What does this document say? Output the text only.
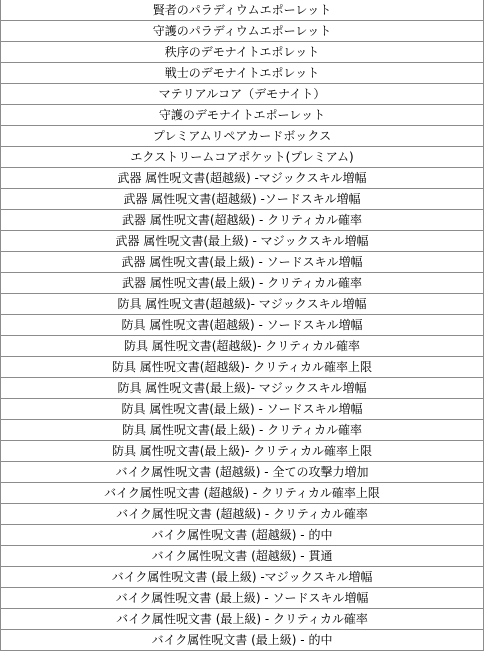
賢者のパラディウムエポーレット
守護のパラディウムエポーレット
秩序のデモナイトエポレット
戦士のデモナイトエポレット
マテリアルコア（デモナイト）
守護のデモナイトエポーレット
プレミアムリペアカードボックス
エクストリームコアポケット(プレミアム)
武器 属性呪文書(超越級) -マジックスキル増幅
武器 属性呪文書(超越級) -ソードスキル増幅
武器 属性呪文書(超越級) - クリティカル確率
武器 属性呪文書(最上級) - マジックスキル増幅
武器 属性呪文書(最上級) - ソードスキル増幅
武器 属性呪文書(最上級) - クリティカル確率
防具 属性呪文書(超越級)- マジックスキル増幅
防具 属性呪文書(超越級) - ソードスキル増幅
防具 属性呪文書(超越級)- クリティカル確率
防具 属性呪文書(超越級)- クリティカル確率上限
防具 属性呪文書(最上級)- マジックスキル増幅
防具 属性呪文書(最上級) - ソードスキル増幅
防具 属性呪文書(最上級) - クリティカル確率
防具 属性呪文書(最上級)- クリティカル確率上限
バイク属性呪文書 (超越級) - 全ての攻撃力増加
バイク属性呪文書 (超越級) - クリティカル確率上限
バイク属性呪文書 (超越級) - クリティカル確率
バイク属性呪文書 (超越級) - 的中
バイク属性呪文書 (超越級) - 貫通
バイク属性呪文書 (最上級) -マジックスキル増幅
バイク属性呪文書 (最上級) - ソードスキル増幅
バイク属性呪文書 (最上級) - クリティカル確率
バイク属性呪文書 (最上級) - 的中
